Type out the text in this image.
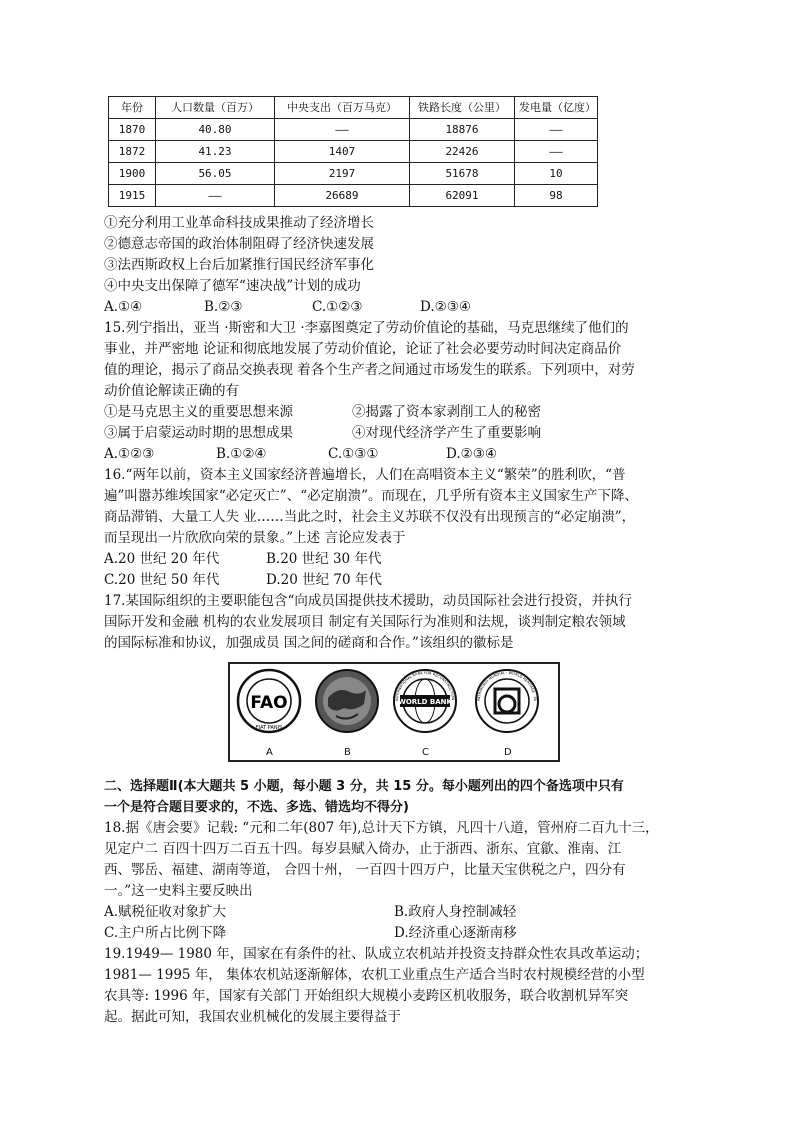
年份	人口数量（百万）	中央支出（百万马克）	铁路长度（公里）	发电量（亿度）
1870	40.80	——	18876	——
1872	41.23	1407	22426	——
1900	56.05	2197	51678	10
1915	——	26689	62091	98
①充分利用工业革命科技成果推动了经济增长
②德意志帝国的政治体制阻碍了经济快速发展
③法西斯政权上台后加紧推行国民经济军事化
④中央支出保障了德军“速决战”计划的成功
A.①④	B.②③	C.①②③	D.②③④
15.列宁指出，亚当 ·斯密和大卫 ·李嘉图奠定了劳动价值论的基础，马克思继续了他们的
事业，并严密地 论证和彻底地发展了劳动价值论，论证了社会必要劳动时间决定商品价
值的理论，揭示了商品交换表现 着各个生产者之间通过市场发生的联系。下列项中，对劳
动价值论解读正确的有
①是马克思主义的重要思想来源	②揭露了资本家剥削工人的秘密
③属于启蒙运动时期的思想成果	④对现代经济学产生了重要影响
A.①②③	B.①②④	C.①③①	D.②③④
16.“两年以前，资本主义国家经济普遍增长，人们在高唱资本主义“繁荣”的胜利吹，“普
遍”叫嚣苏维埃国家“必定灭亡”、“必定崩溃”。而现在，几乎所有资本主义国家生产下降、
商品滞销、大量工人失 业……当此之时，社会主义苏联不仅没有出现预言的“必定崩溃”，
而呈现出一片欣欣向荣的景象。”上述 言论应发表于
A.20 世纪 20 年代	B.20 世纪 30 年代
C.20 世纪 50 年代	D.20 世纪 70 年代
17.某国际组织的主要职能包含“向成员国提供技术援助，动员国际社会进行投资，并执行
国际开发和金融 机构的农业发展项目 制定有关国际行为准则和法规，谈判制定粮农领域
的国际标准和协议，加强成员 国之间的磋商和合作。”该组织的徽标是
FAO
FIAT PANIS
WORLD BANK
INTERNATIONAL BANK FOR RECONSTRUCTION	PATRIMONIO MUNDIAL · WORLD HERITAGE · PA
A	B	C	D
二、选择题Ⅱ(本大题共 5 小题，每小题 3 分，共 15 分。每小题列出的四个备选项中只有
一个是符合题目要求的，不选、多选、错选均不得分)
18.据《唐会要》记载: “元和二年(807 年),总计天下方镇，凡四十八道，管州府二百九十三，
见定户二 百四十四万二百五十四。每岁县赋入倚办，止于浙西、浙东、宜歙、淮南、江
西、鄂岳、福建、湖南等道， 合四十州， 一百四十四万户，比量天宝供税之户，四分有
一。”这一史料主要反映出
A.赋税征收对象扩大	B.政府人身控制减轻
C.主户所占比例下降	D.经济重心逐渐南移
19.1949— 1980 年，国家在有条件的社、队成立农机站并投资支持群众性农具改革运动；
1981— 1995 年， 集体农机站逐渐解体，农机工业重点生产适合当时农村规模经营的小型
农具等: 1996 年，国家有关部门 开始组织大规模小麦跨区机收服务，联合收割机异军突
起。据此可知，我国农业机械化的发展主要得益于
